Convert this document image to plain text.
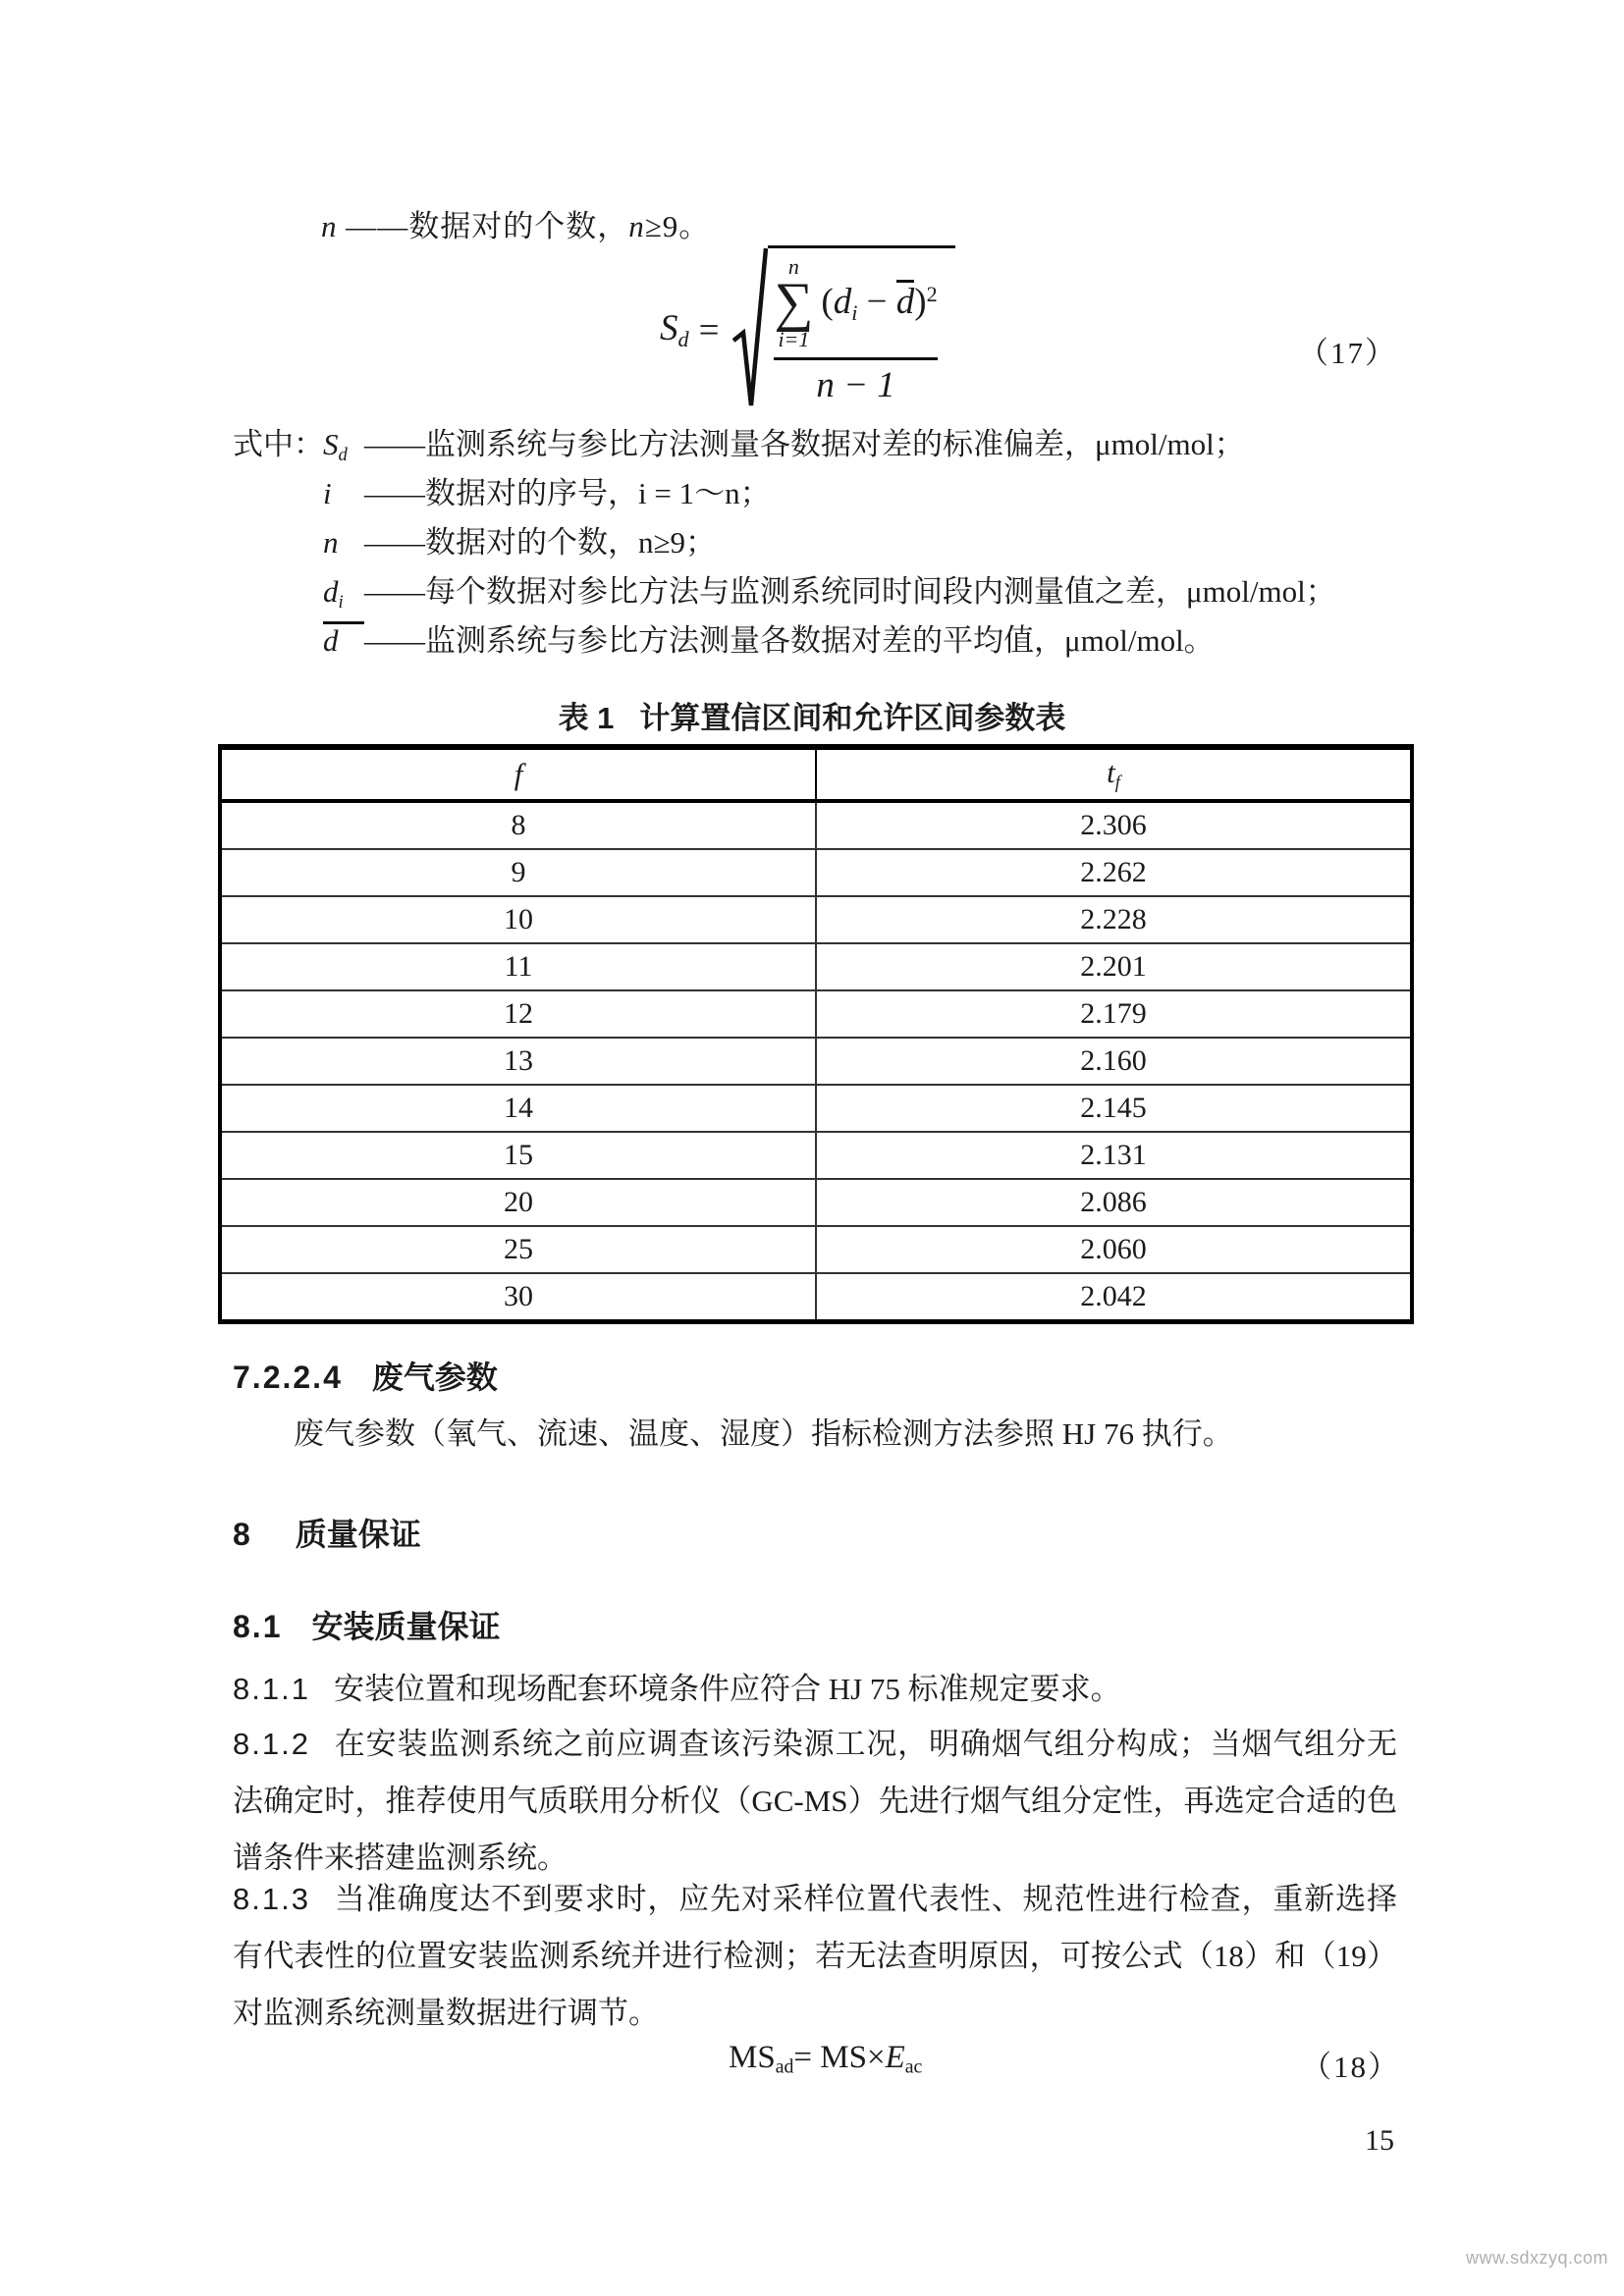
n ——数据对的个数，n≥9。
$S_d$ =
n
∑
i=1
$(d_i - d)^2$
n − 1
（17）
式中：$S_d$ ——监测系统与参比方法测量各数据对差的标准偏差，μmol/mol；
i ——数据对的序号，i = 1～n；
n ——数据对的个数，n≥9；
$d_i$ ——每个数据对参比方法与监测系统同时间段内测量值之差，μmol/mol；
d ——监测系统与参比方法测量各数据对差的平均值，μmol/mol。
表 1 计算置信区间和允许区间参数表
f	$t_f$
8	2.306
9	2.262
10	2.228
11	2.201
12	2.179
13	2.160
14	2.145
15	2.131
20	2.086
25	2.060
30	2.042
7.2.2.4 废气参数
废气参数（氧气、流速、温度、湿度）指标检测方法参照 HJ 76 执行。
8 质量保证
8.1 安装质量保证
8.1.1 安装位置和现场配套环境条件应符合 HJ 75 标准规定要求。
8.1.2 在安装监测系统之前应调查该污染源工况，明确烟气组分构成；当烟气组分无法确定时，推荐使用气质联用分析仪（GC-MS）先进行烟气组分定性，再选定合适的色谱条件来搭建监测系统。
8.1.3 当准确度达不到要求时，应先对采样位置代表性、规范性进行检查，重新选择有代表性的位置安装监测系统并进行检测；若无法查明原因，可按公式（18）和（19）对监测系统测量数据进行调节。
MSad= MS×Eac	（18）
15
www.sdxzyq.com
